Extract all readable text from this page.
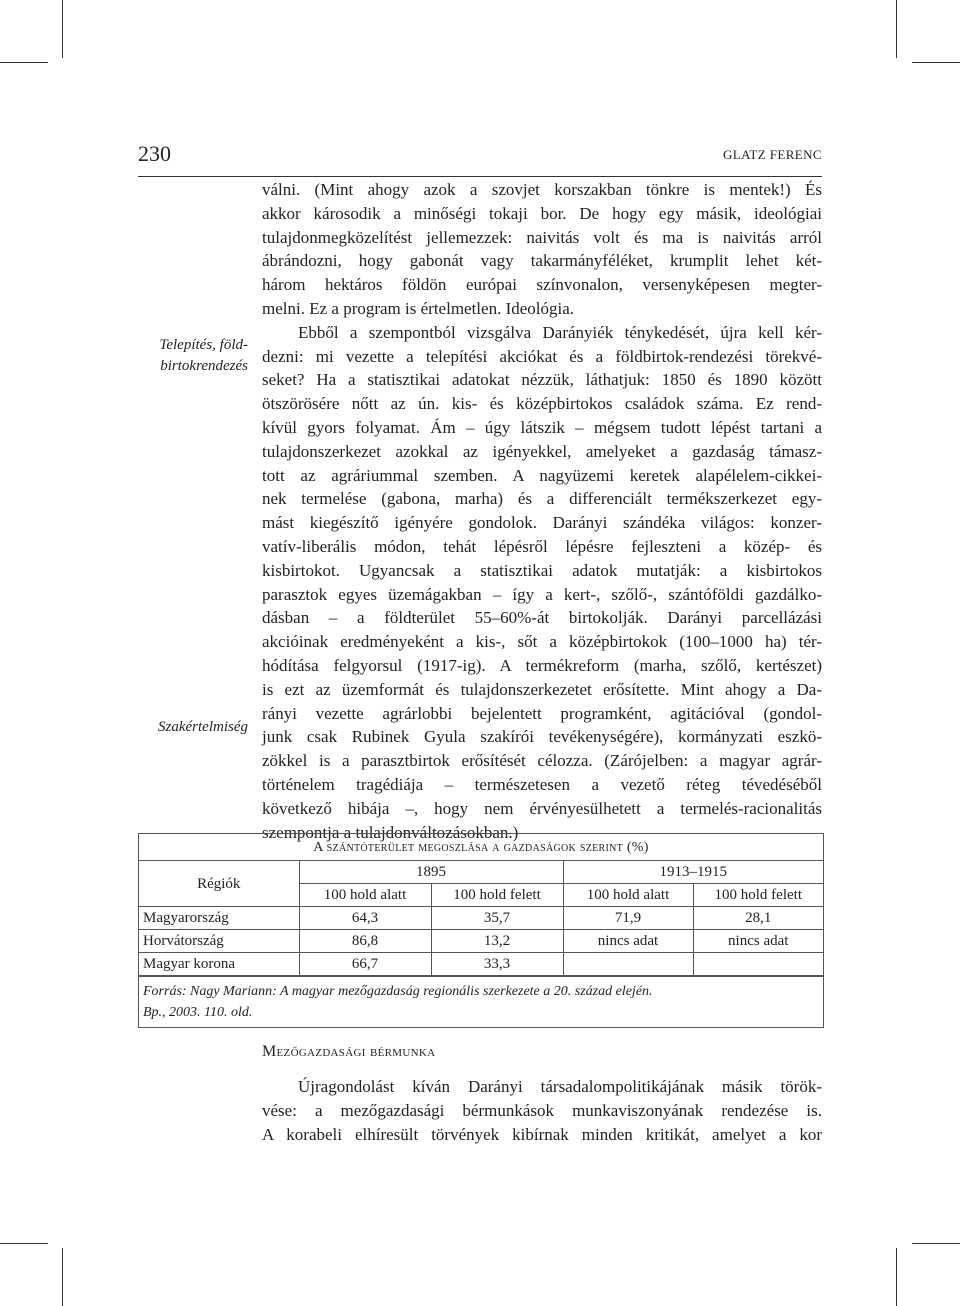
230	GLATZ FERENC
Telepítés, föld-
birtokrendezés
Szakértelmiség
válni. (Mint ahogy azok a szovjet korszakban tönkre is mentek!) És
akkor károsodik a minőségi tokaji bor. De hogy egy másik, ideológiai
tulajdonmegközelítést jellemezzek: naivitás volt és ma is naivitás arról
ábrándozni, hogy gabonát vagy takarmányféléket, krumplit lehet két-
három hektáros földön európai színvonalon, versenyképesen megter-
melni. Ez a program is értelmetlen. Ideológia.
Ebből a szempontból vizsgálva Darányiék ténykedését, újra kell kér-
dezni: mi vezette a telepítési akciókat és a földbirtok-rendezési törekvé-
seket? Ha a statisztikai adatokat nézzük, láthatjuk: 1850 és 1890 között
ötszörösére nőtt az ún. kis- és középbirtokos családok száma. Ez rend-
kívül gyors folyamat. Ám – úgy látszik – mégsem tudott lépést tartani a
tulajdonszerkezet azokkal az igényekkel, amelyeket a gazdaság támasz-
tott az agráriummal szemben. A nagyüzemi keretek alapélelem-cikkei-
nek termelése (gabona, marha) és a differenciált termékszerkezet egy-
mást kiegészítő igényére gondolok. Darányi szándéka világos: konzer-
vatív-liberális módon, tehát lépésről lépésre fejleszteni a közép- és
kisbirtokot. Ugyancsak a statisztikai adatok mutatják: a kisbirtokos
parasztok egyes üzemágakban – így a kert-, szőlő-, szántóföldi gazdálko-
dásban – a földterület 55–60%-át birtokolják. Darányi parcellázási
akcióinak eredményeként a kis-, sőt a középbirtokok (100–1000 ha) tér-
hódítása felgyorsul (1917-ig). A termékreform (marha, szőlő, kertészet)
is ezt az üzemformát és tulajdonszerkezetet erősítette. Mint ahogy a Da-
rányi vezette agrárlobbi bejelentett programként, agitációval (gondol-
junk csak Rubinek Gyula szakírói tevékenységére), kormányzati eszkö-
zökkel is a parasztbirtok erősítését célozza. (Zárójelben: a magyar agrár-
történelem tragédiája – természetesen a vezető réteg tévedéséből
következő hibája –, hogy nem érvényesülhetett a termelés-racionalitás
szempontja a tulajdonváltozásokban.)
A szántóterület megoszlása a gazdaságok szerint (%)
Régiók	1895		1913–1915	
	100 hold alatt	100 hold felett	100 hold alatt	100 hold felett
Magyarország	64,3	35,7	71,9	28,1
Horvátország	86,8	13,2	nincs adat	nincs adat
Magyar korona	66,7	33,3		
Forrás: Nagy Mariann: A magyar mezőgazdaság regionális szerkezete a 20. század elején.
Bp., 2003. 110. old.
Mezőgazdasági bérmunka
Újragondolást kíván Darányi társadalompolitikájának másik török-
vése: a mezőgazdasági bérmunkások munkaviszonyának rendezése is.
A korabeli elhíresült törvények kibírnak minden kritikát, amelyet a kor
